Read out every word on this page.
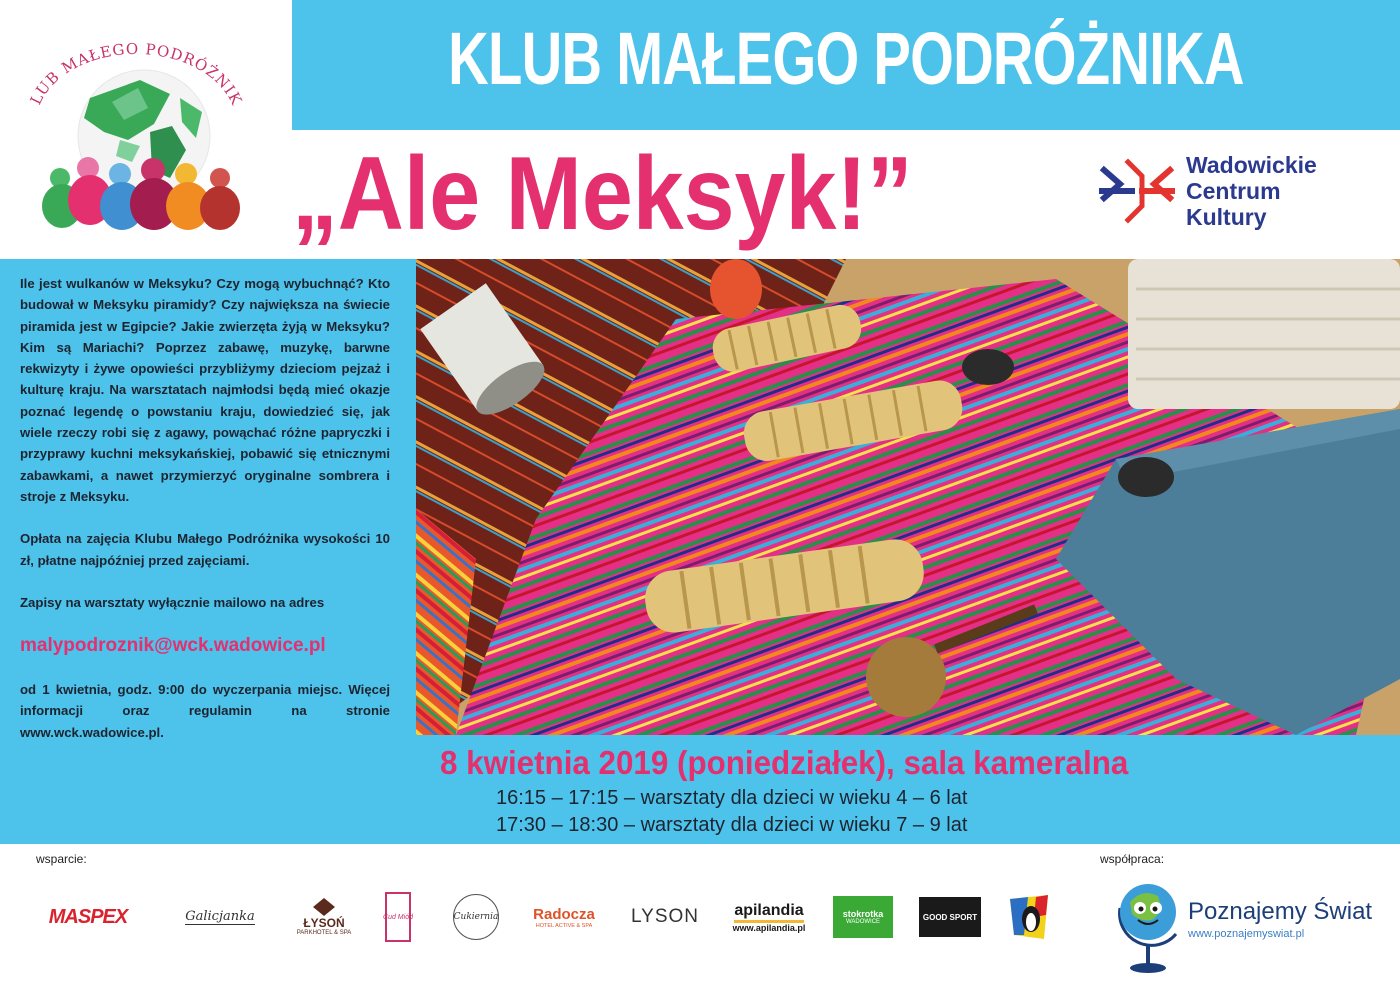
LUB MAŁEGO PODRÓŻNIK	KLUB MAŁEGO PODRÓŻNIKA
„Ale Meksyk!”	Wadowickie
Centrum
Kultury

Ile jest wulkanów w Meksyku? Czy mogą wybuchnąć? Kto budował w Meksyku piramidy? Czy największa na świecie piramida jest w Egipcie? Jakie zwierzęta żyją w Meksyku? Kim są Mariachi? Poprzez zabawę, muzykę, barwne rekwizyty i żywe opowieści przybliżymy dzieciom pejzaż i kulturę kraju. Na warsztatach najmłodsi będą mieć okazje poznać legendę o powstaniu kraju, dowiedzieć się, jak wiele rzeczy robi się z agawy, powąchać różne papryczki i przyprawy kuchni meksykańskiej, pobawić się etnicznymi zabawkami, a nawet przymierzyć oryginalne sombrera i stroje z Meksyku.

Opłata na zajęcia Klubu Małego Podróżnika wysokości 10 zł, płatne najpóźniej przed zajęciami.

Zapisy na warsztaty wyłącznie mailowo na adres

malypodroznik@wck.wadowice.pl

od 1 kwietnia, godz. 9:00 do wyczerpania miejsc. Więcej informacji oraz regulamin na stronie www.wck.wadowice.pl.

8 kwietnia 2019 (poniedziałek), sala kameralna
16:15 – 17:15 – warsztaty dla dzieci w wieku 4 – 6 lat
17:30 – 18:30 – warsztaty dla dzieci w wieku 7 – 9 lat
wsparcie:	współpraca:
MASPEX	Galicjanka	ŁYSOŃ
PARKHOTEL & SPA
Cud Miód	Cukiernia Radocza
HOTEL ACTIVE & SPA LYSON apilandia
www.apilandia.pl
stokrotka
WADOWICE
GOOD SPORT	Poznajemy Świat
www.poznajemyswiat.pl
